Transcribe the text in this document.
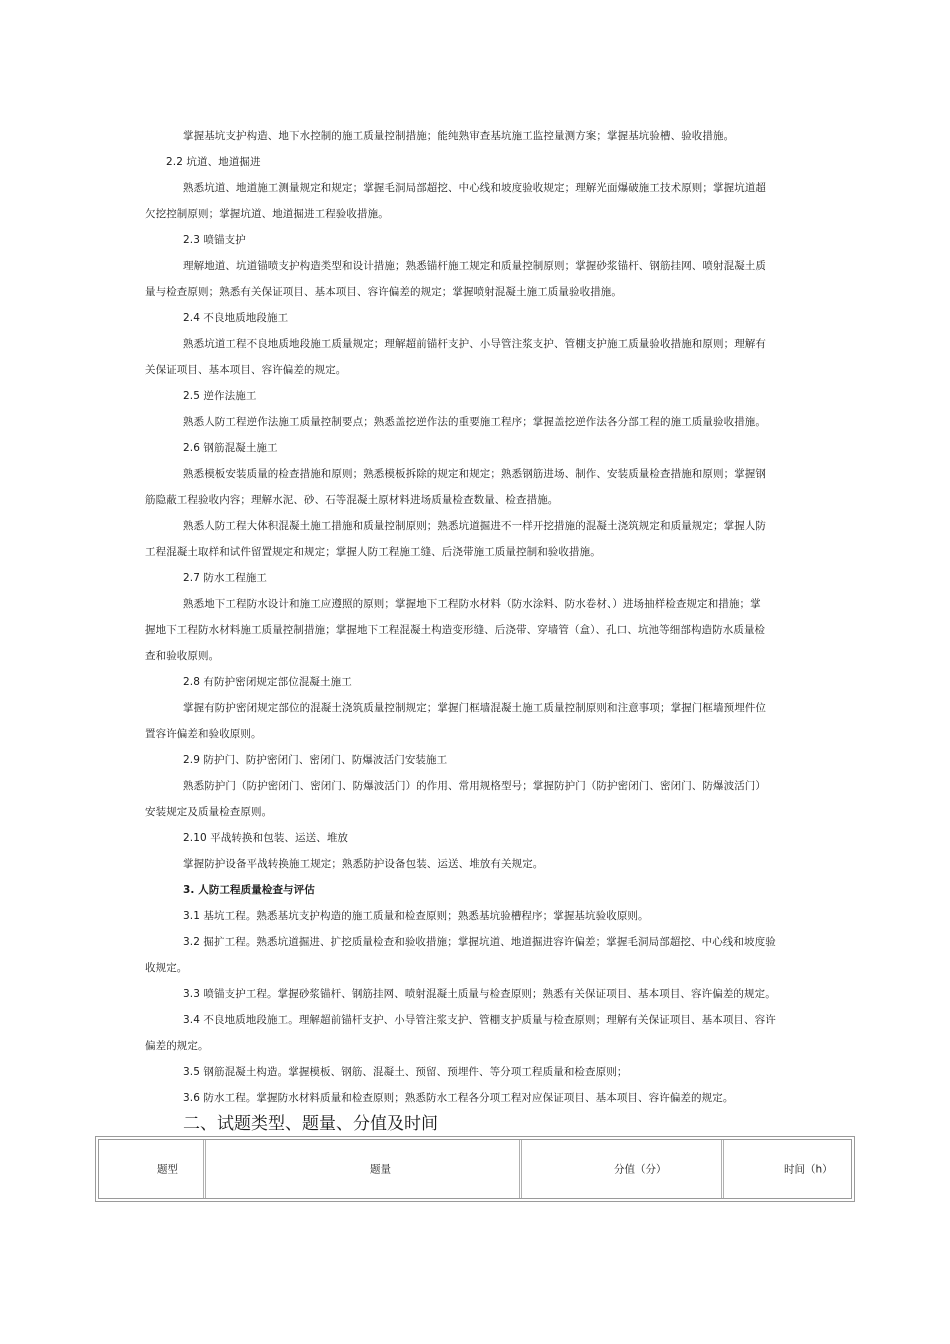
掌握基坑支护构造、地下水控制的施工质量控制措施；能纯熟审查基坑施工监控量测方案；掌握基坑验槽、验收措施。
2.2 坑道、地道掘进
熟悉坑道、地道施工测量规定和规定；掌握毛洞局部超挖、中心线和坡度验收规定；理解光面爆破施工技术原则；掌握坑道超
欠挖控制原则；掌握坑道、地道掘进工程验收措施。
2.3 喷锚支护
理解地道、坑道锚喷支护构造类型和设计措施；熟悉锚杆施工规定和质量控制原则；掌握砂浆锚杆、钢筋挂网、喷射混凝土质
量与检查原则；熟悉有关保证项目、基本项目、容许偏差的规定；掌握喷射混凝土施工质量验收措施。
2.4 不良地质地段施工
熟悉坑道工程不良地质地段施工质量规定；理解超前锚杆支护、小导管注浆支护、管棚支护施工质量验收措施和原则；理解有
关保证项目、基本项目、容许偏差的规定。
2.5 逆作法施工
熟悉人防工程逆作法施工质量控制要点；熟悉盖挖逆作法的重要施工程序；掌握盖挖逆作法各分部工程的施工质量验收措施。
2.6 钢筋混凝土施工
熟悉模板安装质量的检查措施和原则；熟悉模板拆除的规定和规定；熟悉钢筋进场、制作、安装质量检查措施和原则；掌握钢
筋隐蔽工程验收内容；理解水泥、砂、石等混凝土原材料进场质量检查数量、检查措施。
熟悉人防工程大体积混凝土施工措施和质量控制原则；熟悉坑道掘进不一样开挖措施的混凝土浇筑规定和质量规定；掌握人防
工程混凝土取样和试件留置规定和规定；掌握人防工程施工缝、后浇带施工质量控制和验收措施。
2.7 防水工程施工
熟悉地下工程防水设计和施工应遵照的原则；掌握地下工程防水材料（防水涂料、防水卷材、）进场抽样检查规定和措施；掌
握地下工程防水材料施工质量控制措施；掌握地下工程混凝土构造变形缝、后浇带、穿墙管（盒）、孔口、坑池等细部构造防水质量检
查和验收原则。
2.8 有防护密闭规定部位混凝土施工
掌握有防护密闭规定部位的混凝土浇筑质量控制规定；掌握门框墙混凝土施工质量控制原则和注意事项；掌握门框墙预埋件位
置容许偏差和验收原则。
2.9 防护门、防护密闭门、密闭门、防爆波活门安装施工
熟悉防护门（防护密闭门、密闭门、防爆波活门）的作用、常用规格型号；掌握防护门（防护密闭门、密闭门、防爆波活门）
安装规定及质量检查原则。
2.10 平战转换和包装、运送、堆放
掌握防护设备平战转换施工规定；熟悉防护设备包装、运送、堆放有关规定。
3. 人防工程质量检查与评估
3.1 基坑工程。熟悉基坑支护构造的施工质量和检查原则；熟悉基坑验槽程序；掌握基坑验收原则。
3.2 掘扩工程。熟悉坑道掘进、扩挖质量检查和验收措施；掌握坑道、地道掘进容许偏差；掌握毛洞局部超挖、中心线和坡度验
收规定。
3.3 喷锚支护工程。掌握砂浆锚杆、钢筋挂网、喷射混凝土质量与检查原则；熟悉有关保证项目、基本项目、容许偏差的规定。
3.4 不良地质地段施工。理解超前锚杆支护、小导管注浆支护、管棚支护质量与检查原则；理解有关保证项目、基本项目、容许
偏差的规定。
3.5 钢筋混凝土构造。掌握模板、钢筋、混凝土、预留、预埋件、等分项工程质量和检查原则；
3.6 防水工程。掌握防水材料质量和检查原则；熟悉防水工程各分项工程对应保证项目、基本项目、容许偏差的规定。
二、试题类型、题量、分值及时间
题型	题量	分值（分）	时间（h）
